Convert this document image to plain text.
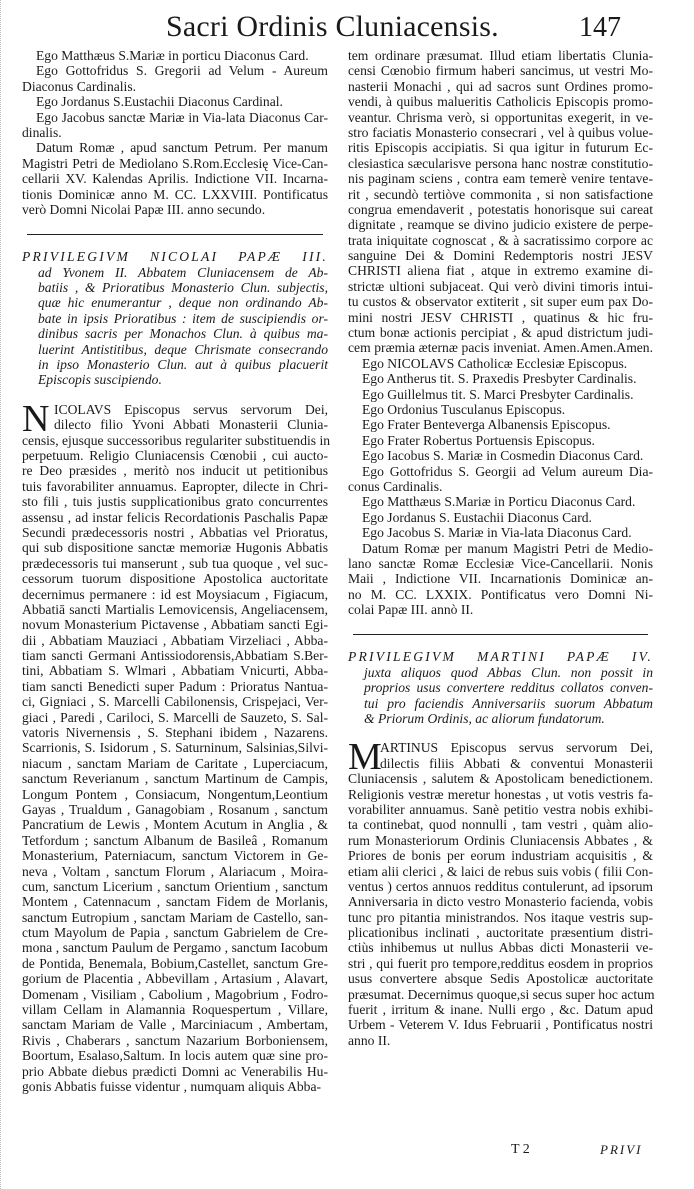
Sacri Ordinis Cluniacensis.	147
Ego Matthæus S.Mariæ in porticu Diaconus Card.
Ego Gottofridus S. Gregorii ad Velum - Aureum
Diaconus Cardinalis.
Ego Jordanus S.Eustachii Diaconus Cardinal.
Ego Jacobus sanctæ Mariæ in Via-lata Diaconus Car-
dinalis.
Datum Romæ , apud sanctum Petrum. Per manum
Magistri Petri de Mediolano S.Rom.Ecclesię Vice-Can-
cellarii XV. Kalendas Aprilis. Indictione VII. Incarna-
tionis Dominicæ anno M. CC. LXXVIII. Pontificatus
verò Domni Nicolai Papæ III. anno secundo.
PRIVILEGIVM NICOLAI PAPÆ III.
ad Yvonem II. Abbatem Cluniacensem de Ab-
batiis , & Prioratibus Monasterio Clun. subjectis,
quæ hic enumerantur , deque non ordinando Ab-
bate in ipsis Prioratibus : item de suscipiendis or-
dinibus sacris per Monachos Clun. à quibus ma-
luerint Antistitibus, deque Chrismate consecrando
in ipso Monasterio Clun. aut à quibus placuerit
Episcopis suscipiendo.
N ICOLAVS Episcopus servus servorum Dei,
dilecto filio Yvoni Abbati Monasterii Clunia-
censis, ejusque successoribus regulariter substituendis in
perpetuum. Religio Cluniacensis Cœnobii , cui aucto-
re Deo præsides , meritò nos inducit ut petitionibus
tuis favorabiliter annuamus. Eapropter, dilecte in Chri-
sto fili , tuis justis supplicationibus grato concurrentes
assensu , ad instar felicis Recordationis Paschalis Papæ
Secundi prædecessoris nostri , Abbatias vel Prioratus,
qui sub dispositione sanctæ memoriæ Hugonis Abbatis
prædecessoris tui manserunt , sub tua quoque , vel suc-
cessorum tuorum dispositione Apostolica auctoritate
decernimus permanere : id est Moysiacum , Figiacum,
Abbatiā sancti Martialis Lemovicensis, Angeliacensem,
novum Monasterium Pictavense , Abbatiam sancti Egi-
dii , Abbatiam Mauziaci , Abbatiam Virzeliaci , Abba-
tiam sancti Germani Antissiodorensis,Abbatiam S.Ber-
tini, Abbatiam S. Wlmari , Abbatiam Vnicurti, Abba-
tiam sancti Benedicti super Padum : Prioratus Nantua-
ci, Gigniaci , S. Marcelli Cabilonensis, Crispejaci, Ver-
giaci , Paredi , Cariloci, S. Marcelli de Sauzeto, S. Sal-
vatoris Nivernensis , S. Stephani ibidem , Nazarens.
Scarrionis, S. Isidorum , S. Saturninum, Salsinias,Silvi-
niacum , sanctam Mariam de Caritate , Luperciacum,
sanctum Reverianum , sanctum Martinum de Campis,
Longum Pontem , Consiacum, Nongentum,Leontium
Gayas , Trualdum , Ganagobiam , Rosanum , sanctum
Pancratium de Lewis , Montem Acutum in Anglia , &
Tetfordum ; sanctum Albanum de Basileâ , Romanum
Monasterium, Paterniacum, sanctum Victorem in Ge-
neva , Voltam , sanctum Florum , Alariacum , Moira-
cum, sanctum Licerium , sanctum Orientium , sanctum
Montem , Catennacum , sanctam Fidem de Morlanis,
sanctum Eutropium , sanctam Mariam de Castello, san-
ctum Mayolum de Papia , sanctum Gabrielem de Cre-
mona , sanctum Paulum de Pergamo , sanctum Iacobum
de Pontida, Benemala, Bobium,Castellet, sanctum Gre-
gorium de Placentia , Abbevillam , Artasium , Alavart,
Domenam , Visiliam , Cabolium , Magobrium , Fodro-
villam Cellam in Alamannia Roquespertum , Villare,
sanctam Mariam de Valle , Marciniacum , Ambertam,
Rivis , Chaberars , sanctum Nazarium Borboniensem,
Boortum, Esalaso,Saltum. In locis autem quæ sine pro-
prio Abbate diebus prædicti Domni ac Venerabilis Hu-
gonis Abbatis fuisse videntur , numquam aliquis Abba-
tem ordinare præsumat. Illud etiam libertatis Clunia-
censi Cœnobio firmum haberi sancimus, ut vestri Mo-
nasterii Monachi , qui ad sacros sunt Ordines promo-
vendi, à quibus malueritis Catholicis Episcopis promo-
veantur. Chrisma verò, si opportunitas exegerit, in ve-
stro faciatis Monasterio consecrari , vel à quibus volue-
ritis Episcopis accipiatis. Si qua igitur in futurum Ec-
clesiastica sæcularisve persona hanc nostræ constitutio-
nis paginam sciens , contra eam temerè venire tentave-
rit , secundò tertiòve commonita , si non satisfactione
congrua emendaverit , potestatis honorisque sui careat
dignitate , reamque se divino judicio existere de perpe-
trata iniquitate cognoscat , & à sacratissimo corpore ac
sanguine Dei & Domini Redemptoris nostri JESV
CHRISTI aliena fiat , atque in extremo examine di-
strictæ ultioni subjaceat. Qui verò divini timoris intui-
tu custos & observator extiterit , sit super eum pax Do-
mini nostri JESV CHRISTI , quatinus & hic fru-
ctum bonæ actionis percipiat , & apud districtum judi-
cem præmia æternæ pacis inveniat. Amen.Amen.Amen.
Ego NICOLAVS Catholicæ Ecclesiæ Episcopus.
Ego Antherus tit. S. Praxedis Presbyter Cardinalis.
Ego Guillelmus tit. S. Marci Presbyter Cardinalis.
Ego Ordonius Tusculanus Episcopus.
Ego Frater Benteverga Albanensis Episcopus.
Ego Frater Robertus Portuensis Episcopus.
Ego Iacobus S. Mariæ in Cosmedin Diaconus Card.
Ego Gottofridus S. Georgii ad Velum aureum Dia-
conus Cardinalis.
Ego Matthæus S.Mariæ in Porticu Diaconus Card.
Ego Jordanus S. Eustachii Diaconus Card.
Ego Jacobus S. Mariæ in Via-lata Diaconus Card.
Datum Romæ per manum Magistri Petri de Medio-
lano sanctæ Romæ Ecclesiæ Vice-Cancellarii. Nonis
Maii , Indictione VII. Incarnationis Dominicæ an-
no M. CC. LXXIX. Pontificatus vero Domni Ni-
colai Papæ III. annò II.
PRIVILEGIVM MARTINI PAPÆ IV.
juxta aliquos quod Abbas Clun. non possit in
proprios usus convertere redditus collatos conven-
tui pro faciendis Anniversariis suorum Abbatum
& Priorum Ordinis, ac aliorum fundatorum.
M
ARTINUS Episcopus servus servorum Dei,
dilectis filiis Abbati & conventui Monasterii
Cluniacensis , salutem & Apostolicam benedictionem.
Religionis vestræ meretur honestas , ut votis vestris fa-
vorabiliter annuamus. Sanè petitio vestra nobis exhibi-
ta continebat, quod nonnulli , tam vestri , quàm alio-
rum Monasteriorum Ordinis Cluniacensis Abbates , &
Priores de bonis per eorum industriam acquisitis , &
etiam alii clerici , & laici de rebus suis vobis ( filii Con-
ventus ) certos annuos redditus contulerunt, ad ipsorum
Anniversaria in dicto vestro Monasterio facienda, vobis
tunc pro pitantia ministrandos. Nos itaque vestris sup-
plicationibus inclinati , auctoritate præsentium distri-
ctiùs inhibemus ut nullus Abbas dicti Monasterii ve-
stri , qui fuerit pro tempore,redditus eosdem in proprios
usus convertere absque Sedis Apostolicæ auctoritate
præsumat. Decernimus quoque,si secus super hoc actum
fuerit , irritum & inane. Nulli ergo , &c. Datum apud
Urbem - Veterem V. Idus Februarii , Pontificatus nostri
anno II.
T 2	PRIVI
